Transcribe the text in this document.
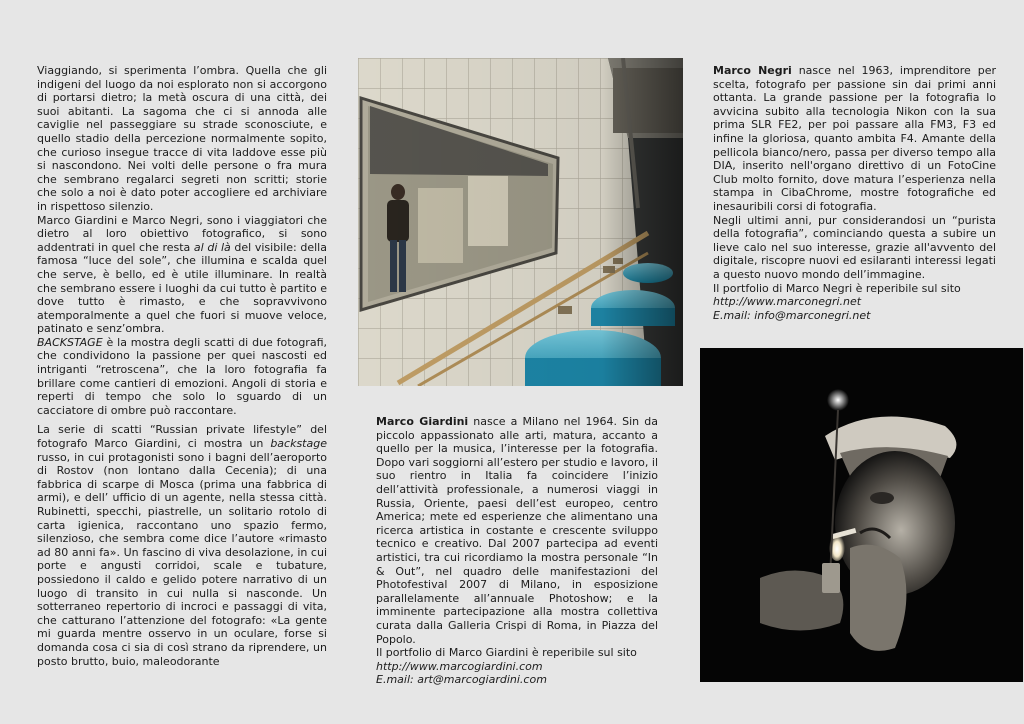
Viaggiando, si sperimenta l’ombra. Quella che gli indigeni del luogo da noi esplorato non si accorgono di portarsi dietro; la metà oscura di una città, dei suoi abitanti. La sagoma che ci si annoda alle caviglie nel passeggiare su strade sconosciute, e quello stadio della percezione normalmente sopito, che curioso insegue tracce di vita laddove esse più si nascondono. Nei volti delle persone o fra mura che sembrano regalarci segreti non scritti; storie che solo a noi è dato poter accogliere ed archiviare in rispettoso silenzio.

Marco Giardini e Marco Negri, sono i viaggiatori che dietro al loro obiettivo fotografico, si sono addentrati in quel che resta al di là del visibile: della famosa “luce del sole”, che illumina e scalda quel che serve, è bello, ed è utile illuminare. In realtà che sembrano essere i luoghi da cui tutto è partito e dove tutto è rimasto, e che sopravvivono atemporalmente a quel che fuori si muove veloce, patinato e senz’ombra.

BACKSTAGE è la mostra degli scatti di due fotografi, che condividono la passione per quei nascosti ed intriganti “retroscena”, che la loro fotografia fa brillare come cantieri di emozioni. Angoli di storia e reperti di tempo che solo lo sguardo di un cacciatore di ombre può raccontare.

La serie di scatti “Russian private lifestyle” del fotografo Marco Giardini, ci mostra un backstage russo, in cui protagonisti sono i bagni dell’aeroporto di Rostov (non lontano dalla Cecenia); di una fabbrica di scarpe di Mosca (prima una fabbrica di armi), e dell’ ufficio di un agente, nella stessa città. Rubinetti, specchi, piastrelle, un solitario rotolo di carta igienica, raccontano uno spazio fermo, silenzioso, che sembra come dice l’autore «rimasto ad 80 anni fa». Un fascino di viva desolazione, in cui porte e angusti corridoi, scale e tubature, possiedono il caldo e gelido potere narrativo di un luogo di transito in cui nulla si nasconde. Un sotterraneo repertorio di incroci e passaggi di vita, che catturano l’attenzione del fotografo: «La gente mi guarda mentre osservo in un oculare, forse si domanda cosa ci sia di così strano da riprendere, un posto brutto, buio, maleodorante

Marco Giardini nasce a Milano nel 1964. Sin da piccolo appassionato alle arti, matura, accanto a quello per la musica, l’interesse per la fotografia. Dopo vari soggiorni all’estero per studio e lavoro, il suo rientro in Italia fa coincidere l’inizio dell’attività professionale, a numerosi viaggi in Russia, Oriente, paesi dell’est europeo, centro America; mete ed esperienze che alimentano una ricerca artistica in costante e crescente sviluppo tecnico e creativo. Dal 2007 partecipa ad eventi artistici, tra cui ricordiamo la mostra personale “In & Out”, nel quadro delle manifestazioni del Photofestival 2007 di Milano, in esposizione parallelamente all’annuale Photoshow; e la imminente partecipazione alla mostra collettiva curata dalla Galleria Crispi di Roma, in Piazza del Popolo.

Il portfolio di Marco Giardini è reperibile sul sito

http://www.marcogiardini.com

E.mail: art@marcogiardini.com

Marco Negri nasce nel 1963, imprenditore per scelta, fotografo per passione sin dai primi anni ottanta. La grande passione per la fotografia lo avvicina subito alla tecnologia Nikon con la sua prima SLR FE2, per poi passare alla FM3, F3 ed infine la gloriosa, quanto ambita F4. Amante della pellicola bianco/nero, passa per diverso tempo alla DIA, inserito nell'organo direttivo di un FotoCine Club molto fornito, dove matura l’esperienza nella stampa in CibaChrome, mostre fotografiche ed inesauribili corsi di fotografia.

Negli ultimi anni, pur considerandosi un “purista della fotografia”, cominciando questa a subire un lieve calo nel suo interesse, grazie all'avvento del digitale, riscopre nuovi ed esilaranti interessi legati a questo nuovo mondo dell’immagine.

Il portfolio di Marco Negri è reperibile sul sito

http://www.marconegri.net

E.mail: info@marconegri.net
